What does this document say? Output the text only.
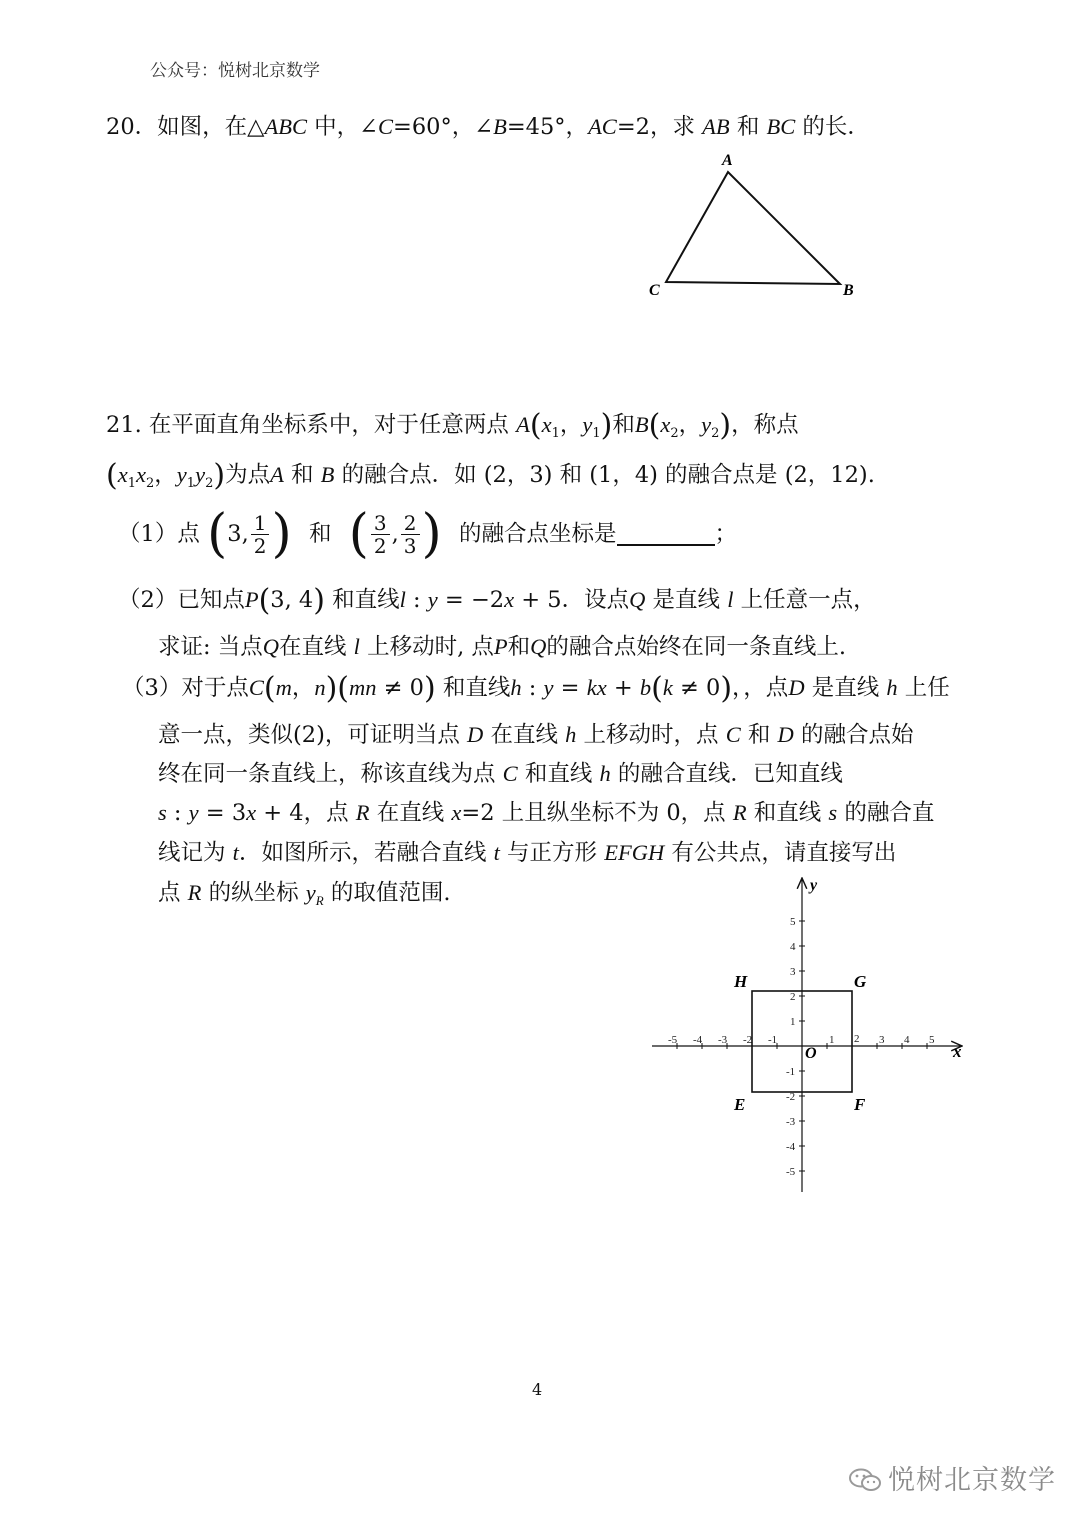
公众号：悦树北京数学
20．如图，在△ABC 中，∠C=60°，∠B=45°，AC=2，求 AB 和 BC 的长．
A
C	B
21. 在平面直角坐标系中，对于任意两点 $A(x_1$，$y_1$)和$B(x_2$，$y_2$)，称点
($x_1x_2$，$y_1y_2$)为点A 和 B 的融合点．如 (2，3) 和 (1，4) 的融合点是 (2，12).
（1）点 (3, $\frac{1}{2}$ ) 和 ( $\frac{3}{2}$ , $\frac{2}{3}$ ) 的融合点坐标是	；
（2）已知点P(3, 4) 和直线l : y = −2x + 5．设点Q 是直线 l 上任意一点，
求证: 当点Q在直线 l 上移动时, 点P和Q的融合点始终在同一条直线上.
（3）对于点C(m，n)(mn ≠ 0) 和直线h : y = kx + b(k ≠ 0)，，点D 是直线 h 上任
意一点，类似(2)，可证明当点 D 在直线 h 上移动时，点 C 和 D 的融合点始
终在同一条直线上，称该直线为点 C 和直线 h 的融合直线．已知直线
s : y = 3x + 4，点 R 在直线 x=2 上且纵坐标不为 0，点 R 和直线 s 的融合直
线记为 t．如图所示，若融合直线 t 与正方形 EFGH 有公共点，请直接写出
点 R 的纵坐标 $y_R$ 的取值范围.
-5 -4 -3 -2 -1	1 2 3 4 5
5
4
3
2
1
-1
-2
-3
-4
-5
x
y
O
H	G
E	F
4
悦树北京数学
